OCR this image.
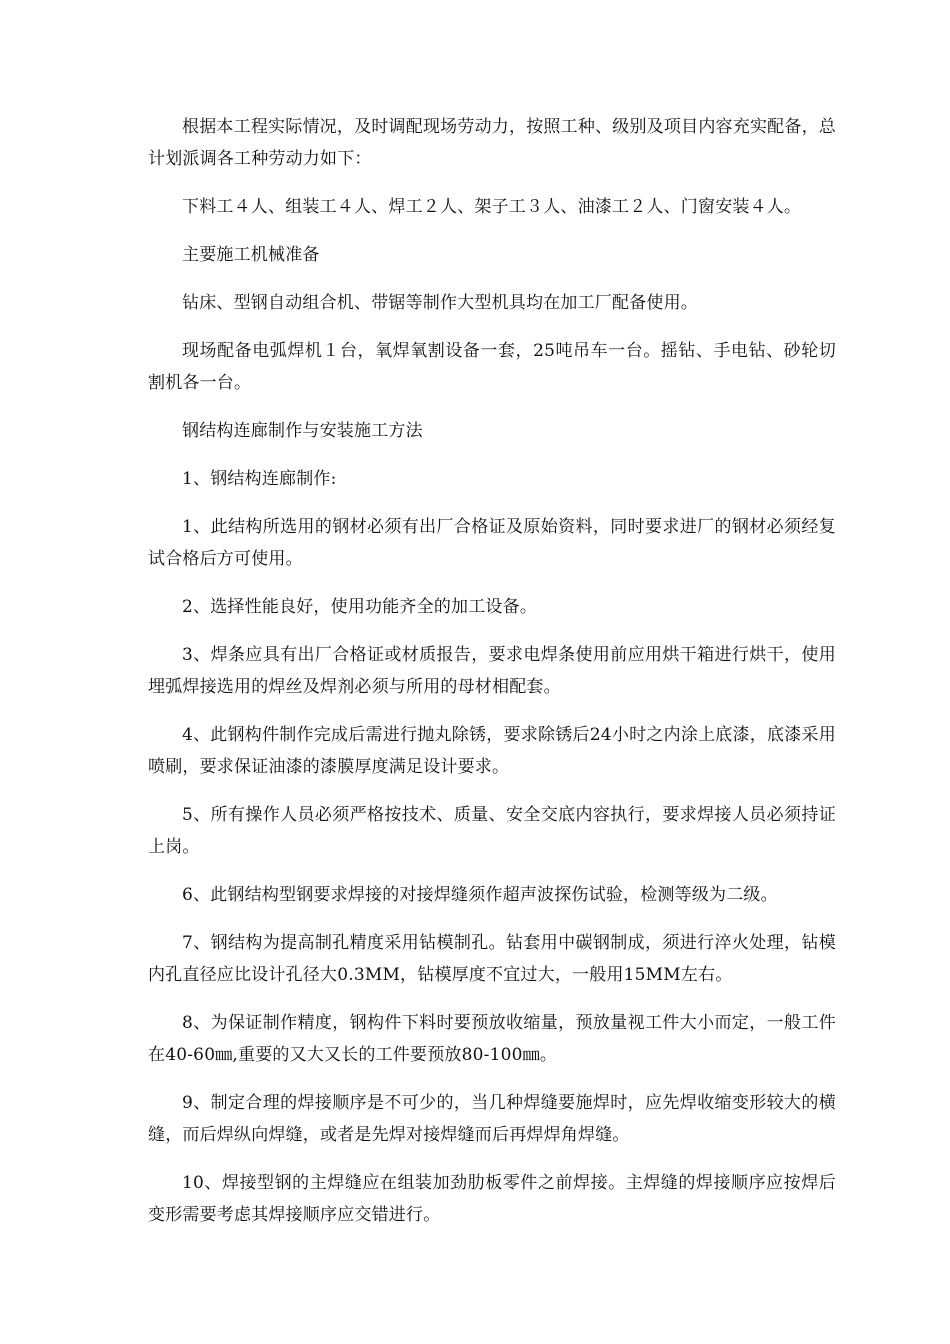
根据本工程实际情况，及时调配现场劳动力，按照工种、级别及项目内容充实配备，总计划派调各工种劳动力如下：

下料工４人、组装工４人、焊工２人、架子工３人、油漆工２人、门窗安装４人。

主要施工机械准备

钻床、型钢自动组合机、带锯等制作大型机具均在加工厂配备使用。

现场配备电弧焊机１台，氧焊氧割设备一套，25吨吊车一台。摇钻、手电钻、砂轮切割机各一台。

钢结构连廊制作与安装施工方法

1、钢结构连廊制作:

1、此结构所选用的钢材必须有出厂合格证及原始资料，同时要求进厂的钢材必须经复试合格后方可使用。

2、选择性能良好，使用功能齐全的加工设备。

3、焊条应具有出厂合格证或材质报告，要求电焊条使用前应用烘干箱进行烘干，使用埋弧焊接选用的焊丝及焊剂必须与所用的母材相配套。

4、此钢构件制作完成后需进行抛丸除锈，要求除锈后24小时之内涂上底漆，底漆采用喷刷，要求保证油漆的漆膜厚度满足设计要求。

5、所有操作人员必须严格按技术、质量、安全交底内容执行，要求焊接人员必须持证上岗。

6、此钢结构型钢要求焊接的对接焊缝须作超声波探伤试验，检测等级为二级。

7、钢结构为提高制孔精度采用钻模制孔。钻套用中碳钢制成，须进行淬火处理，钻模内孔直径应比设计孔径大0.3MM，钻模厚度不宜过大，一般用15MM左右。

8、为保证制作精度，钢构件下料时要预放收缩量，预放量视工件大小而定，一般工件在40-60㎜,重要的又大又长的工件要预放80-100㎜。

9、制定合理的焊接顺序是不可少的，当几种焊缝要施焊时，应先焊收缩变形较大的横缝，而后焊纵向焊缝，或者是先焊对接焊缝而后再焊焊角焊缝。

10、焊接型钢的主焊缝应在组装加劲肋板零件之前焊接。主焊缝的焊接顺序应按焊后变形需要考虑其焊接顺序应交错进行。
